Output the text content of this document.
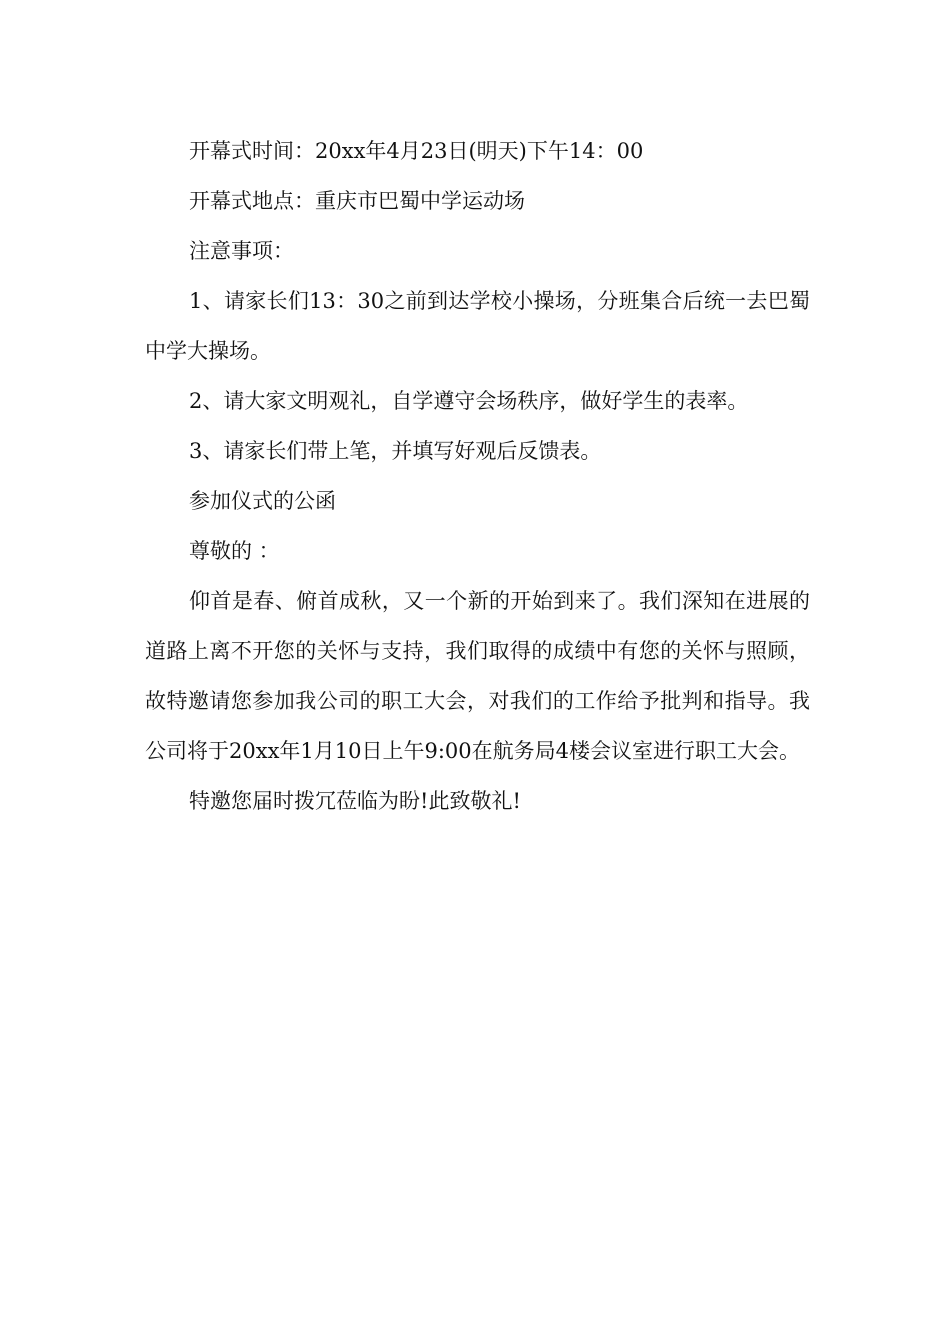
开幕式时间：20xx年4月23日(明天)下午14：00

开幕式地点：重庆市巴蜀中学运动场

注意事项：

1、请家长们13：30之前到达学校小操场，分班集合后统一去巴蜀中学大操场。

2、请大家文明观礼，自学遵守会场秩序，做好学生的表率。

3、请家长们带上笔，并填写好观后反馈表。

参加仪式的公函

尊敬的 ：

仰首是春、俯首成秋，又一个新的开始到来了。我们深知在进展的道路上离不开您的关怀与支持，我们取得的成绩中有您的关怀与照顾，故特邀请您参加我公司的职工大会，对我们的工作给予批判和指导。我公司将于20xx年1月10日上午9:00在航务局4楼会议室进行职工大会。

特邀您届时拨冗莅临为盼!此致敬礼!
